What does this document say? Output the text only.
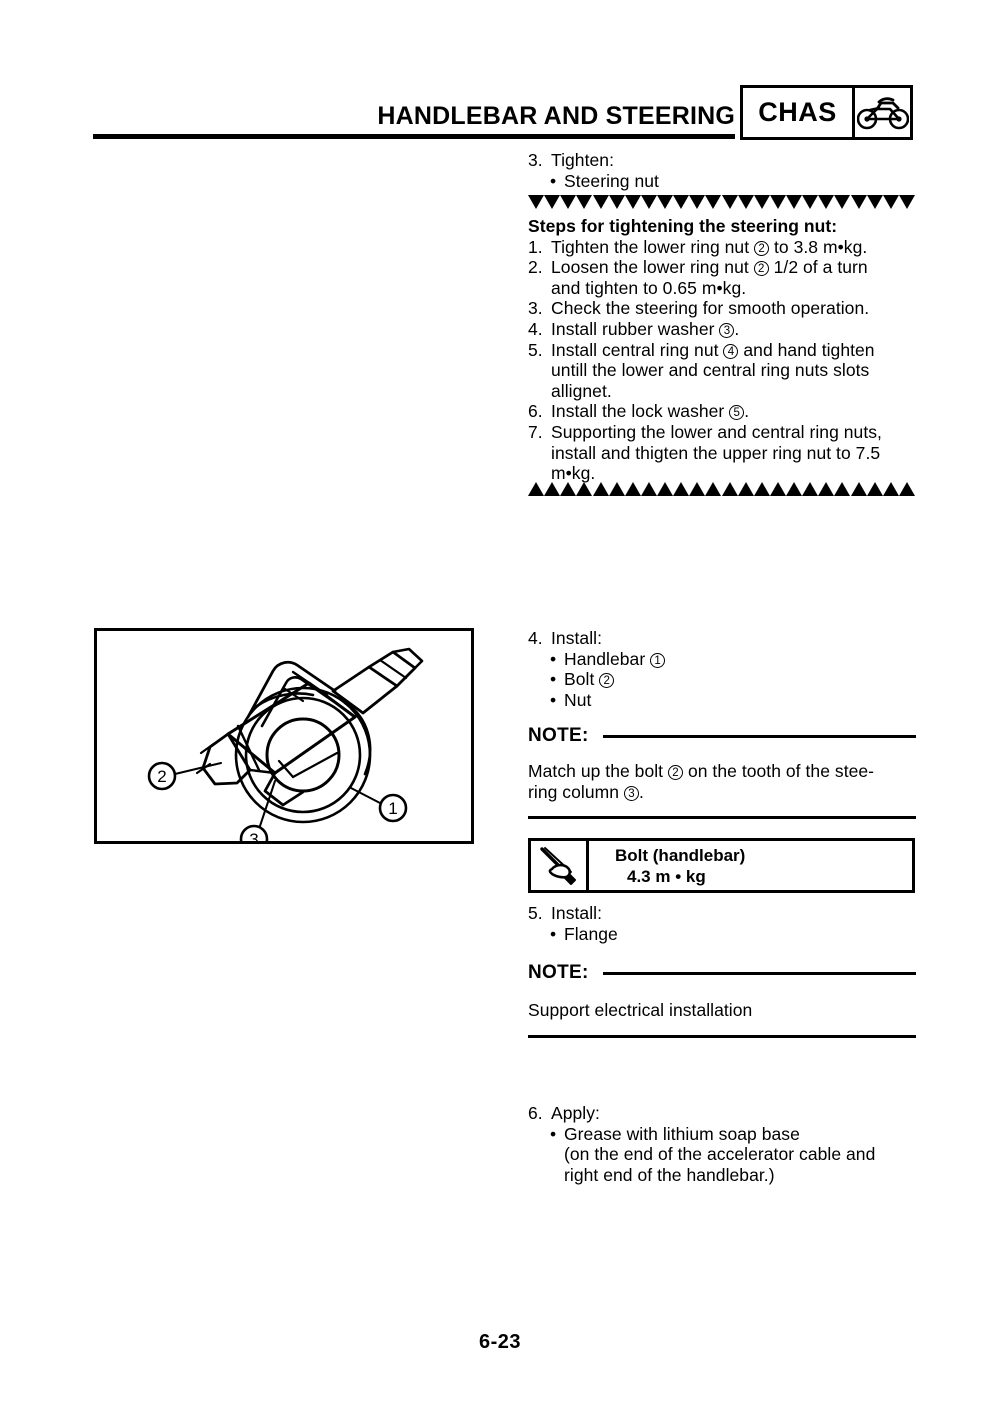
HANDLEBAR AND STEERING CHAS
3. Tighten:
• Steering nut
Steps for tightening the steering nut:
1. Tighten the lower ring nut 2 to 3.8 m•kg.
2. Loosen the lower ring nut 2 1/2 of a turn
and tighten to 0.65 m•kg.
3. Check the steering for smooth operation.
4. Install rubber washer 3 .
5. Install central ring nut 4 and hand tighten
untill the lower and central ring nuts slots
allignet.
6. Install the lock washer 5 .
7. Supporting the lower and central ring nuts,
install and thigten the upper ring nut to 7.5
m•kg.
2
3
1
4. Install:
• Handlebar 1
• Bolt 2
• Nut
NOTE:
Match up the bolt 2 on the tooth of the stee-
ring column 3 .
Bolt (handlebar)
4.3 m • kg
5. Install:
• Flange
NOTE:
Support electrical installation
6. Apply:
• Grease with lithium soap base
(on the end of the accelerator cable and
right end of the handlebar.)
6-23
